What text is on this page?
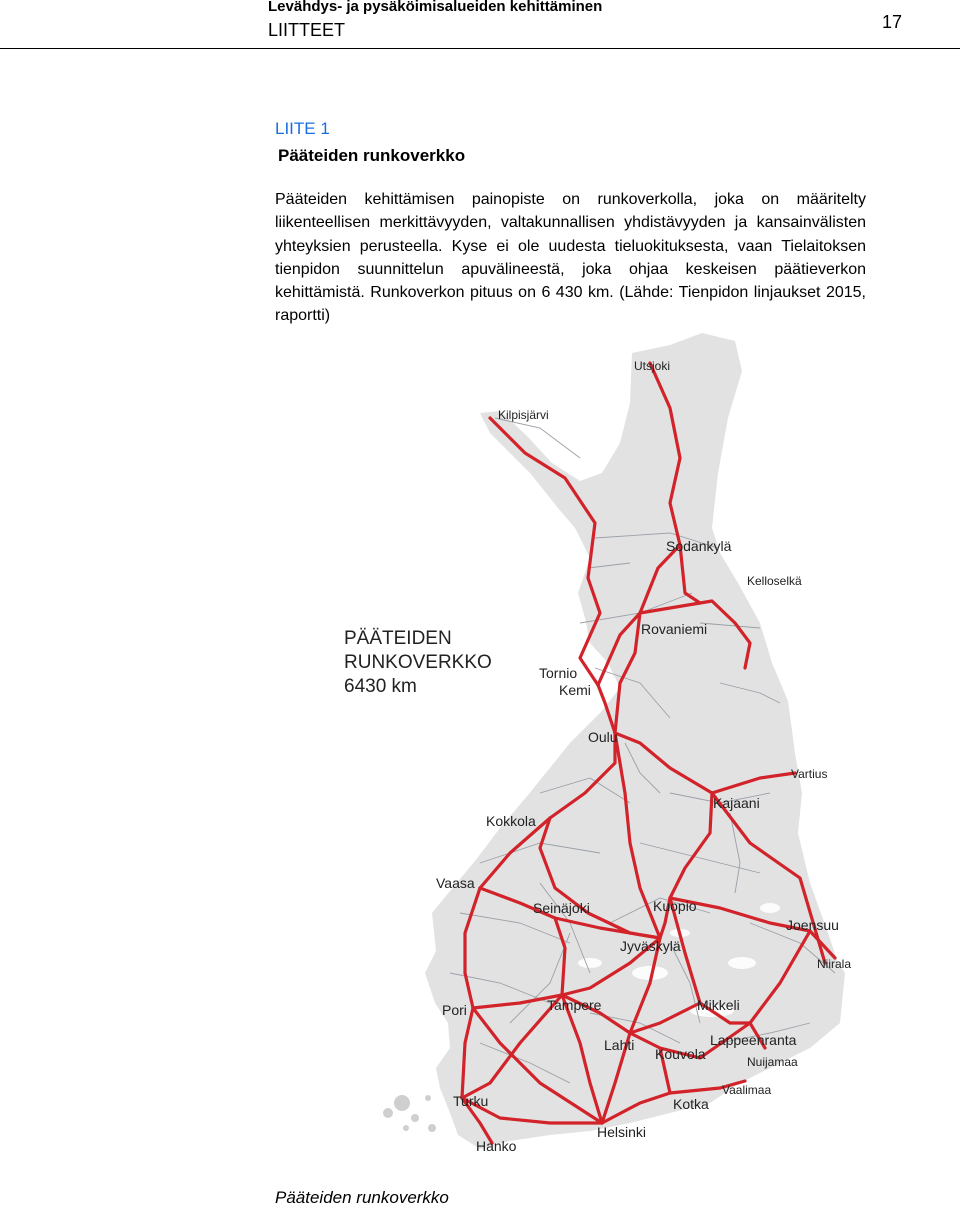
Levähdys- ja pysäköimisalueiden kehittäminen
LIITTEET	17
LIITE 1
Pääteiden runkoverkko

Pääteiden kehittämisen painopiste on runkoverkolla, joka on määritelty liikenteellisen merkittävyyden, valtakunnallisen yhdistävyyden ja kansainvälisten yhteyksien perusteella. Kyse ei ole uudesta tieluokituksesta, vaan Tielaitoksen tienpidon suunnittelun apuvälineestä, joka ohjaa keskeisen päätieverkon kehittämistä. Runkoverkon pituus on 6 430 km. (Lähde: Tienpidon linjaukset 2015, raportti)

PÄÄTEIDEN
RUNKOVERKKO
6430 km
Utsjoki
Kilpisjärvi
Sodankylä
Kelloselkä
Rovaniemi
Tornio
Kemi
Oulu
Vartius
Kajaani
Kokkola
Vaasa
Seinäjoki	Kuopio
Joensuu
Jyväskylä
Niirala
Pori	Tampere	Mikkeli
Lappeenranta
Lahti
Kouvola	Nuijamaa
Vaalimaa
Turku	Kotka
Helsinki
Hanko
Pääteiden runkoverkko
